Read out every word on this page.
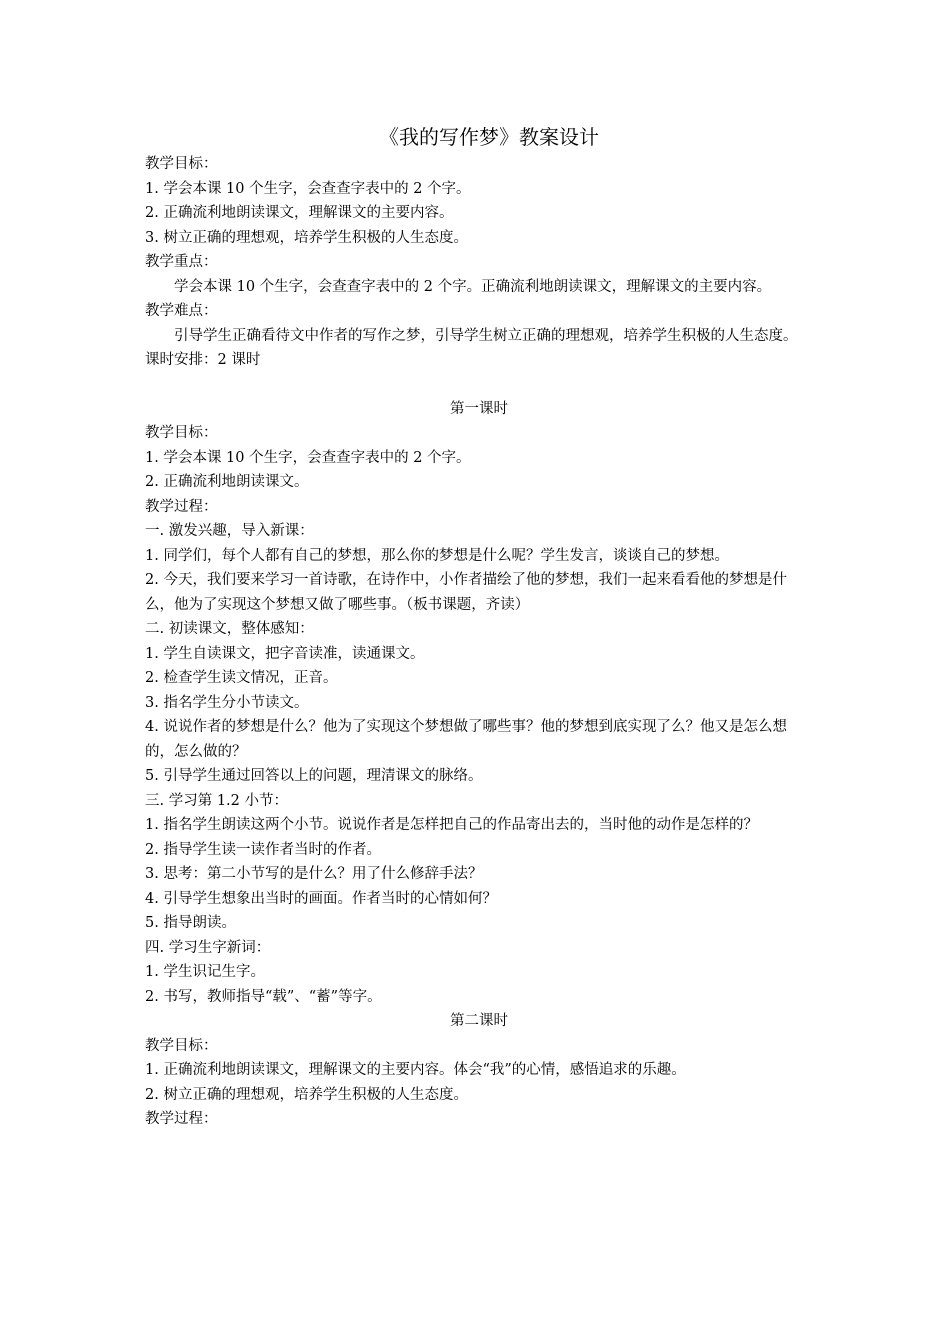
《我的写作梦》教案设计

教学目标：

1. 学会本课 10 个生字，会查查字表中的 2 个字。

2. 正确流利地朗读课文，理解课文的主要内容。

3. 树立正确的理想观，培养学生积极的人生态度。

教学重点：

学会本课 10 个生字，会查查字表中的 2 个字。正确流利地朗读课文，理解课文的主要内容。

教学难点：

引导学生正确看待文中作者的写作之梦，引导学生树立正确的理想观，培养学生积极的人生态度。

课时安排：2 课时

第一课时

教学目标：

1. 学会本课 10 个生字，会查查字表中的 2 个字。

2. 正确流利地朗读课文。

教学过程：

一. 激发兴趣，导入新课：

1. 同学们，每个人都有自己的梦想，那么你的梦想是什么呢？学生发言，谈谈自己的梦想。

2. 今天，我们要来学习一首诗歌，在诗作中，小作者描绘了他的梦想，我们一起来看看他的梦想是什么，他为了实现这个梦想又做了哪些事。（板书课题，齐读）

二. 初读课文，整体感知：

1. 学生自读课文，把字音读准，读通课文。

2. 检查学生读文情况，正音。

3. 指名学生分小节读文。

4. 说说作者的梦想是什么？他为了实现这个梦想做了哪些事？他的梦想到底实现了么？他又是怎么想的，怎么做的？

5. 引导学生通过回答以上的问题，理清课文的脉络。

三. 学习第 1.2 小节：

1. 指名学生朗读这两个小节。说说作者是怎样把自己的作品寄出去的，当时他的动作是怎样的？

2. 指导学生读一读作者当时的作者。

3. 思考：第二小节写的是什么？用了什么修辞手法？

4. 引导学生想象出当时的画面。作者当时的心情如何？

5. 指导朗读。

四. 学习生字新词：

1. 学生识记生字。

2. 书写，教师指导“载”、“蓄”等字。

第二课时

教学目标：

1. 正确流利地朗读课文，理解课文的主要内容。体会“我”的心情，感悟追求的乐趣。

2. 树立正确的理想观，培养学生积极的人生态度。

教学过程：
